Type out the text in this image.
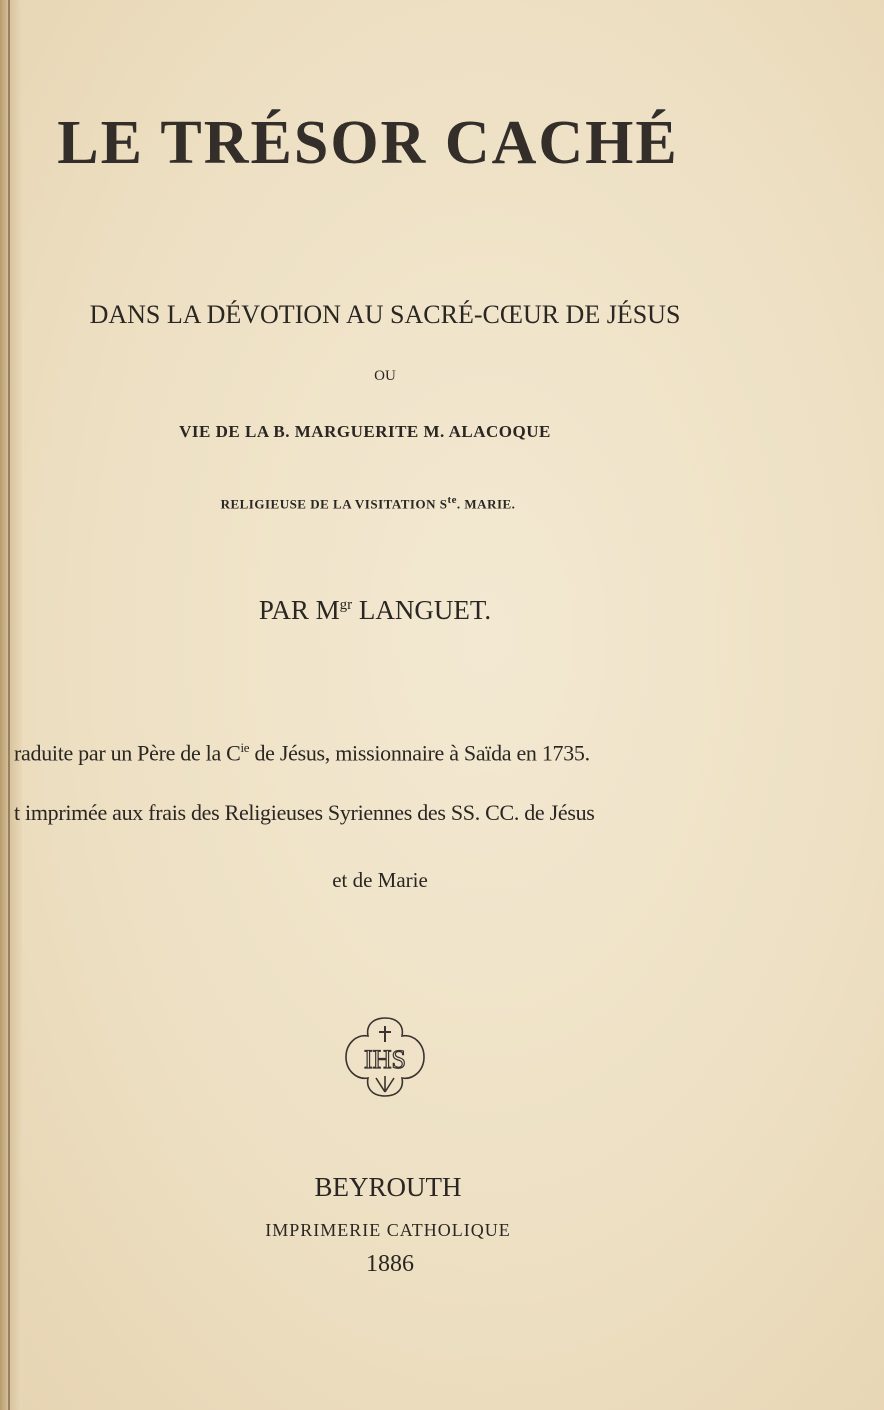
LE TRÉSOR CACHÉ
DANS LA DÉVOTION AU SACRÉ-CŒUR DE JÉSUS
OU
VIE DE LA B. MARGUERITE M. ALACOQUE
RELIGIEUSE DE LA VISITATION $S^{te}$. MARIE.
PAR $M^{gr}$ LANGUET.
raduite par un Père de la $C^{ie}$ de Jésus, missionnaire à Saïda en 1735.
t imprimée aux frais des Religieuses Syriennes des SS. CC. de Jésus
et de Marie
IHS
BEYROUTH
IMPRIMERIE CATHOLIQUE
1886
